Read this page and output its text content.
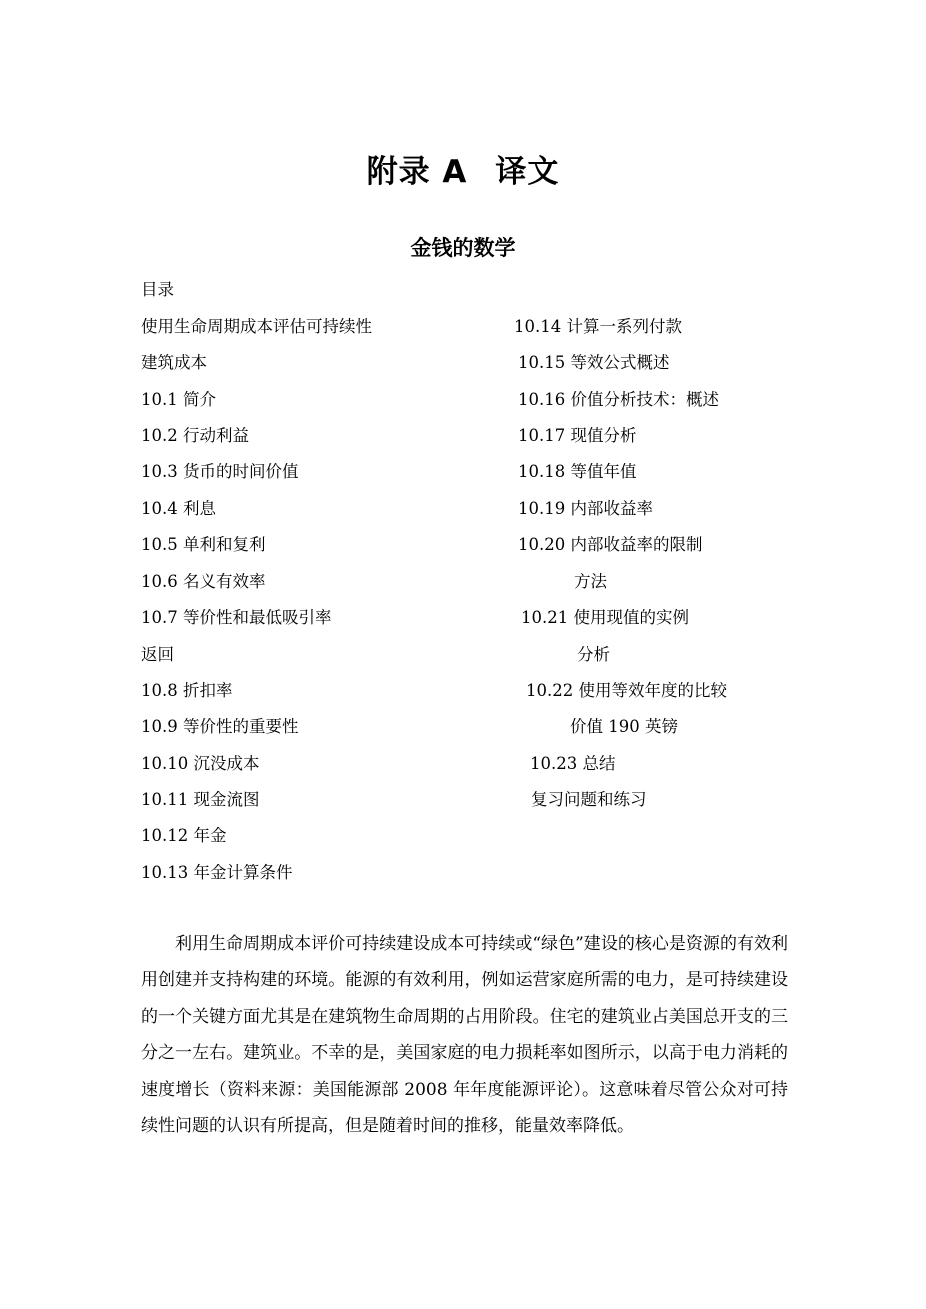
附录 A 译文
金钱的数学
目录
使用生命周期成本评估可持续性
建筑成本
10.1 简介
10.2 行动利益
10.3 货币的时间价值
10.4 利息
10.5 单利和复利
10.6 名义有效率
10.7 等价性和最低吸引率
返回
10.8 折扣率
10.9 等价性的重要性
10.10 沉没成本
10.11 现金流图
10.12 年金
10.13 年金计算条件
10.14 计算一系列付款
10.15 等效公式概述
10.16 价值分析技术：概述
10.17 现值分析
10.18 等值年值
10.19 内部收益率
10.20 内部收益率的限制
方法
10.21 使用现值的实例
分析
10.22 使用等效年度的比较
价值 190 英镑
10.23 总结
复习问题和练习

利用生命周期成本评价可持续建设成本可持续或“绿色”建设的核心是资源的有效利用创建并支持构建的环境。能源的有效利用，例如运营家庭所需的电力，是可持续建设的一个关键方面尤其是在建筑物生命周期的占用阶段。住宅的建筑业占美国总开支的三分之一左右。建筑业。不幸的是，美国家庭的电力损耗率如图所示，以高于电力消耗的速度增长（资料来源：美国能源部 2008 年年度能源评论）。这意味着尽管公众对可持续性问题的认识有所提高，但是随着时间的推移，能量效率降低。
